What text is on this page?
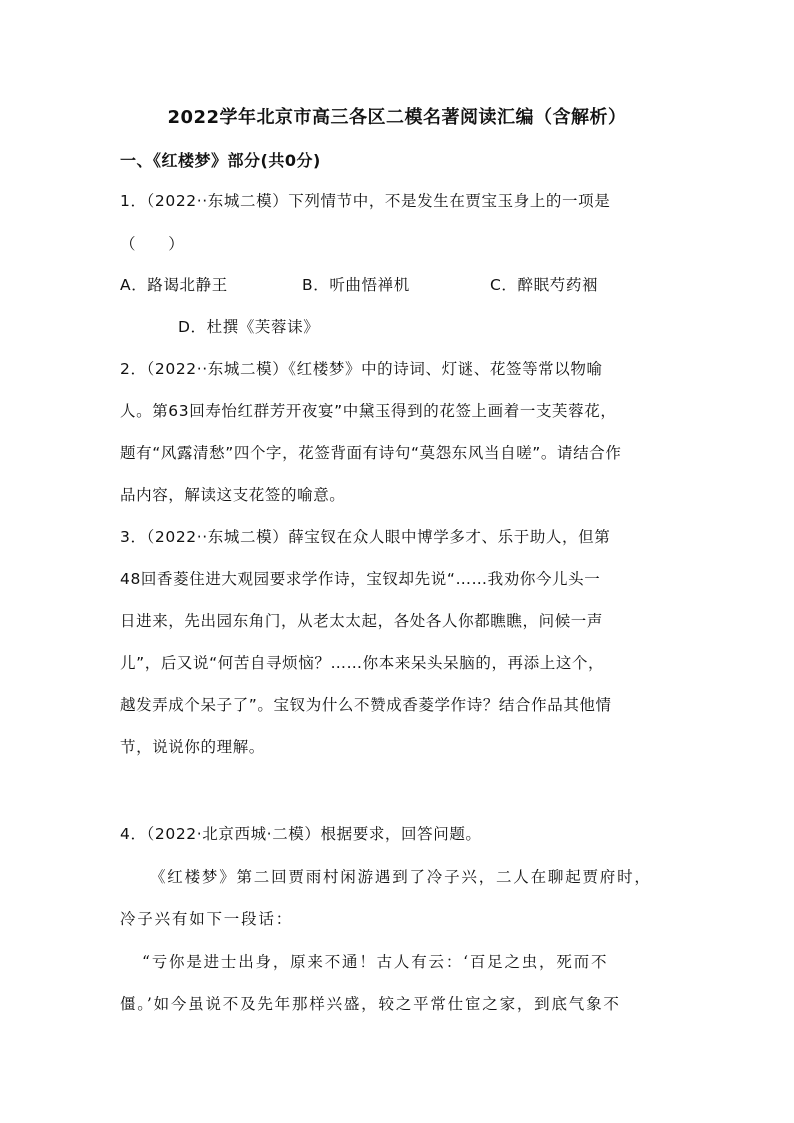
2022学年北京市高三各区二模名著阅读汇编（含解析）
一、《红楼梦》部分(共0分)
1．（2022··东城二模）下列情节中，不是发生在贾宝玉身上的一项是
（　　）
A．路谒北静王	B．听曲悟禅机	C．醉眠芍药裀
D．杜撰《芙蓉诔》
2．（2022··东城二模）《红楼梦》中的诗词、灯谜、花签等常以物喻
人。第63回寿怡红群芳开夜宴”中黛玉得到的花签上画着一支芙蓉花，
题有“风露清愁”四个字，花签背面有诗句“莫怨东风当自嗟”。请结合作
品内容，解读这支花签的喻意。
3．（2022··东城二模）薛宝钗在众人眼中博学多才、乐于助人，但第
48回香菱住进大观园要求学作诗，宝钗却先说“……我劝你今儿头一
日进来，先出园东角门，从老太太起，各处各人你都瞧瞧，问候一声
儿”，后又说“何苦自寻烦恼？……你本来呆头呆脑的，再添上这个，
越发弄成个呆子了”。宝钗为什么不赞成香菱学作诗？结合作品其他情
节，说说你的理解。
4．（2022·北京西城·二模）根据要求，回答问题。
《红楼梦》第二回贾雨村闲游遇到了冷子兴，二人在聊起贾府时，
冷子兴有如下一段话：
“亏你是进士出身，原来不通！古人有云：‘百足之虫，死而不
僵。’如今虽说不及先年那样兴盛，较之平常仕宦之家，到底气象不
